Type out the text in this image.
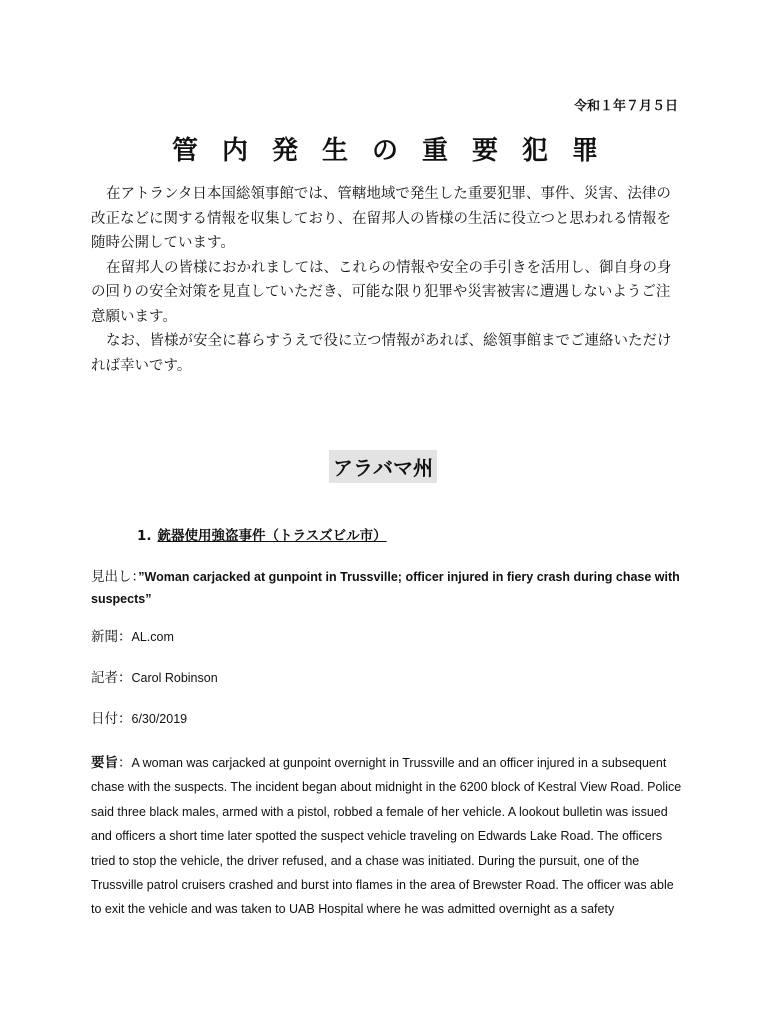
令和１年７月５日
管内発生の重要犯罪

在アトランタ日本国総領事館では、管轄地域で発生した重要犯罪、事件、災害、法律の改正などに関する情報を収集しており、在留邦人の皆様の生活に役立つと思われる情報を随時公開しています。

在留邦人の皆様におかれましては、これらの情報や安全の手引きを活用し、御自身の身の回りの安全対策を見直していただき、可能な限り犯罪や災害被害に遭遇しないようご注意願います。

なお、皆様が安全に暮らすうえで役に立つ情報があれば、総領事館までご連絡いただければ幸いです。

アラバマ州
1. 銃器使用強盗事件（トラスズビル市）
見出し：”Woman carjacked at gunpoint in Trussville; officer injured in fiery crash during chase with suspects”
新聞：AL.com
記者：Carol Robinson
日付：6/30/2019
要旨：A woman was carjacked at gunpoint overnight in Trussville and an officer injured in a subsequent chase with the suspects. The incident began about midnight in the 6200 block of Kestral View Road. Police said three black males, armed with a pistol, robbed a female of her vehicle. A lookout bulletin was issued and officers a short time later spotted the suspect vehicle traveling on Edwards Lake Road. The officers tried to stop the vehicle, the driver refused, and a chase was initiated. During the pursuit, one of the Trussville patrol cruisers crashed and burst into flames in the area of Brewster Road. The officer was able to exit the vehicle and was taken to UAB Hospital where he was admitted overnight as a safety
